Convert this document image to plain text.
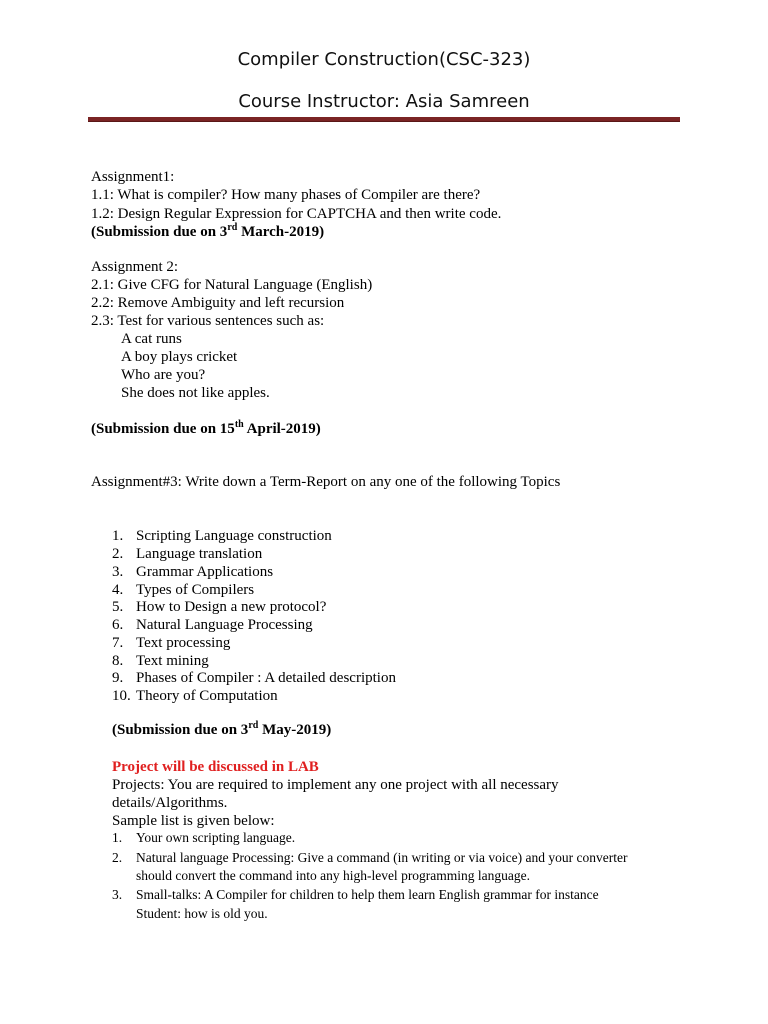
Compiler Construction(CSC-323)
Course Instructor: Asia Samreen
Assignment1:
1.1: What is compiler? How many phases of Compiler are there?
1.2: Design Regular Expression for CAPTCHA and then write code.
(Submission due on 3rd March-2019)
Assignment 2:
2.1: Give CFG for Natural Language (English)
2.2: Remove Ambiguity and left recursion
2.3: Test for various sentences such as:
A cat runs
A boy plays cricket
Who are you?
She does not like apples.
(Submission due on 15th April-2019)
Assignment#3: Write down a Term-Report on any one of the following Topics
1. Scripting Language construction
2. Language translation
3. Grammar Applications
4. Types of Compilers
5. How to Design a new protocol?
6. Natural Language Processing
7. Text processing
8. Text mining
9. Phases of Compiler : A detailed description
10. Theory of Computation
(Submission due on 3rd May-2019)
Project will be discussed in LAB
Projects: You are required to implement any one project with all necessary
details/Algorithms.
Sample list is given below:
1. Your own scripting language.
2. Natural language Processing: Give a command (in writing or via voice) and your converter
should convert the command into any high-level programming language.
3. Small-talks: A Compiler for children to help them learn English grammar for instance
Student: how is old you.
